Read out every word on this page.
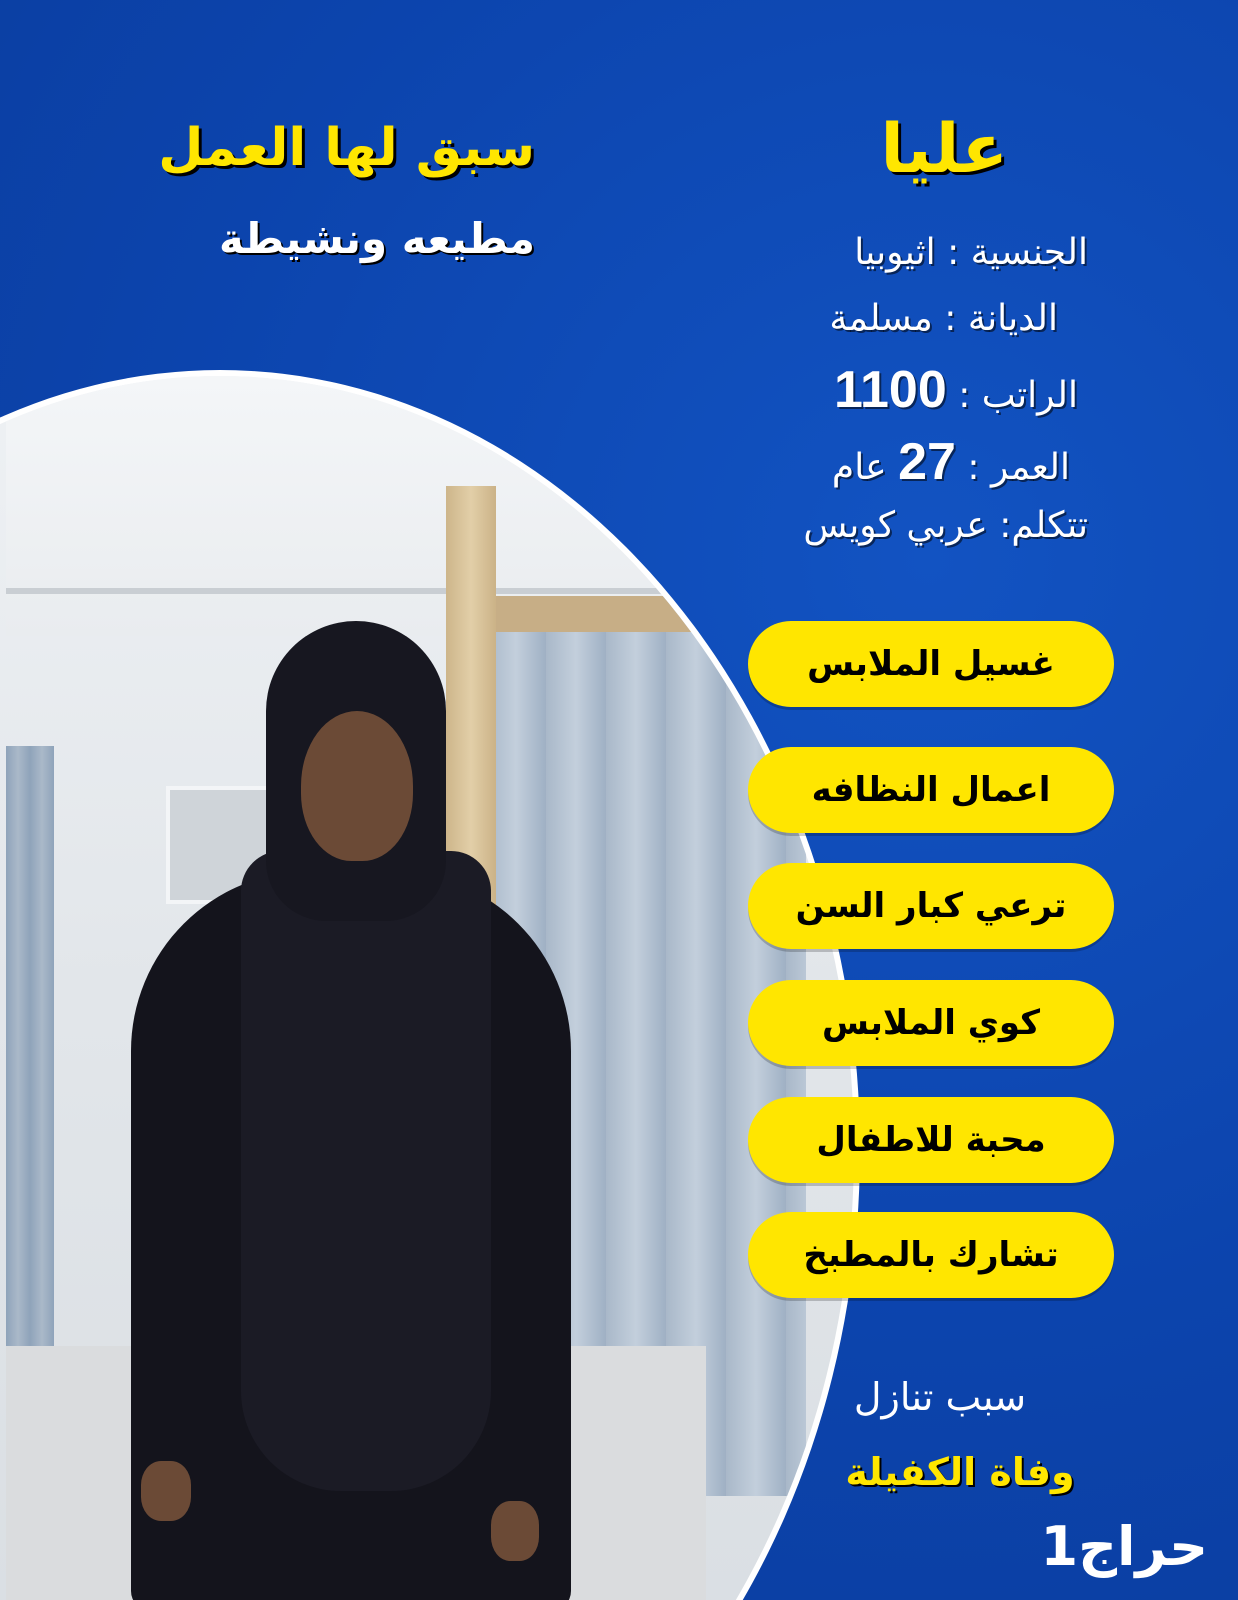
عليا
سبق لها العمل
مطيعه ونشيطة	الجنسية : اثيوبيا
الديانة : مسلمة
الراتب : 1100
العمر : 27 عام
تتكلم: عربي كويس
غسيل الملابس
اعمال النظافه
ترعي كبار السن
كوي الملابس
محبة للاطفال
تشارك بالمطبخ
سبب تنازل
وفاة الكفيلة
حراج1
